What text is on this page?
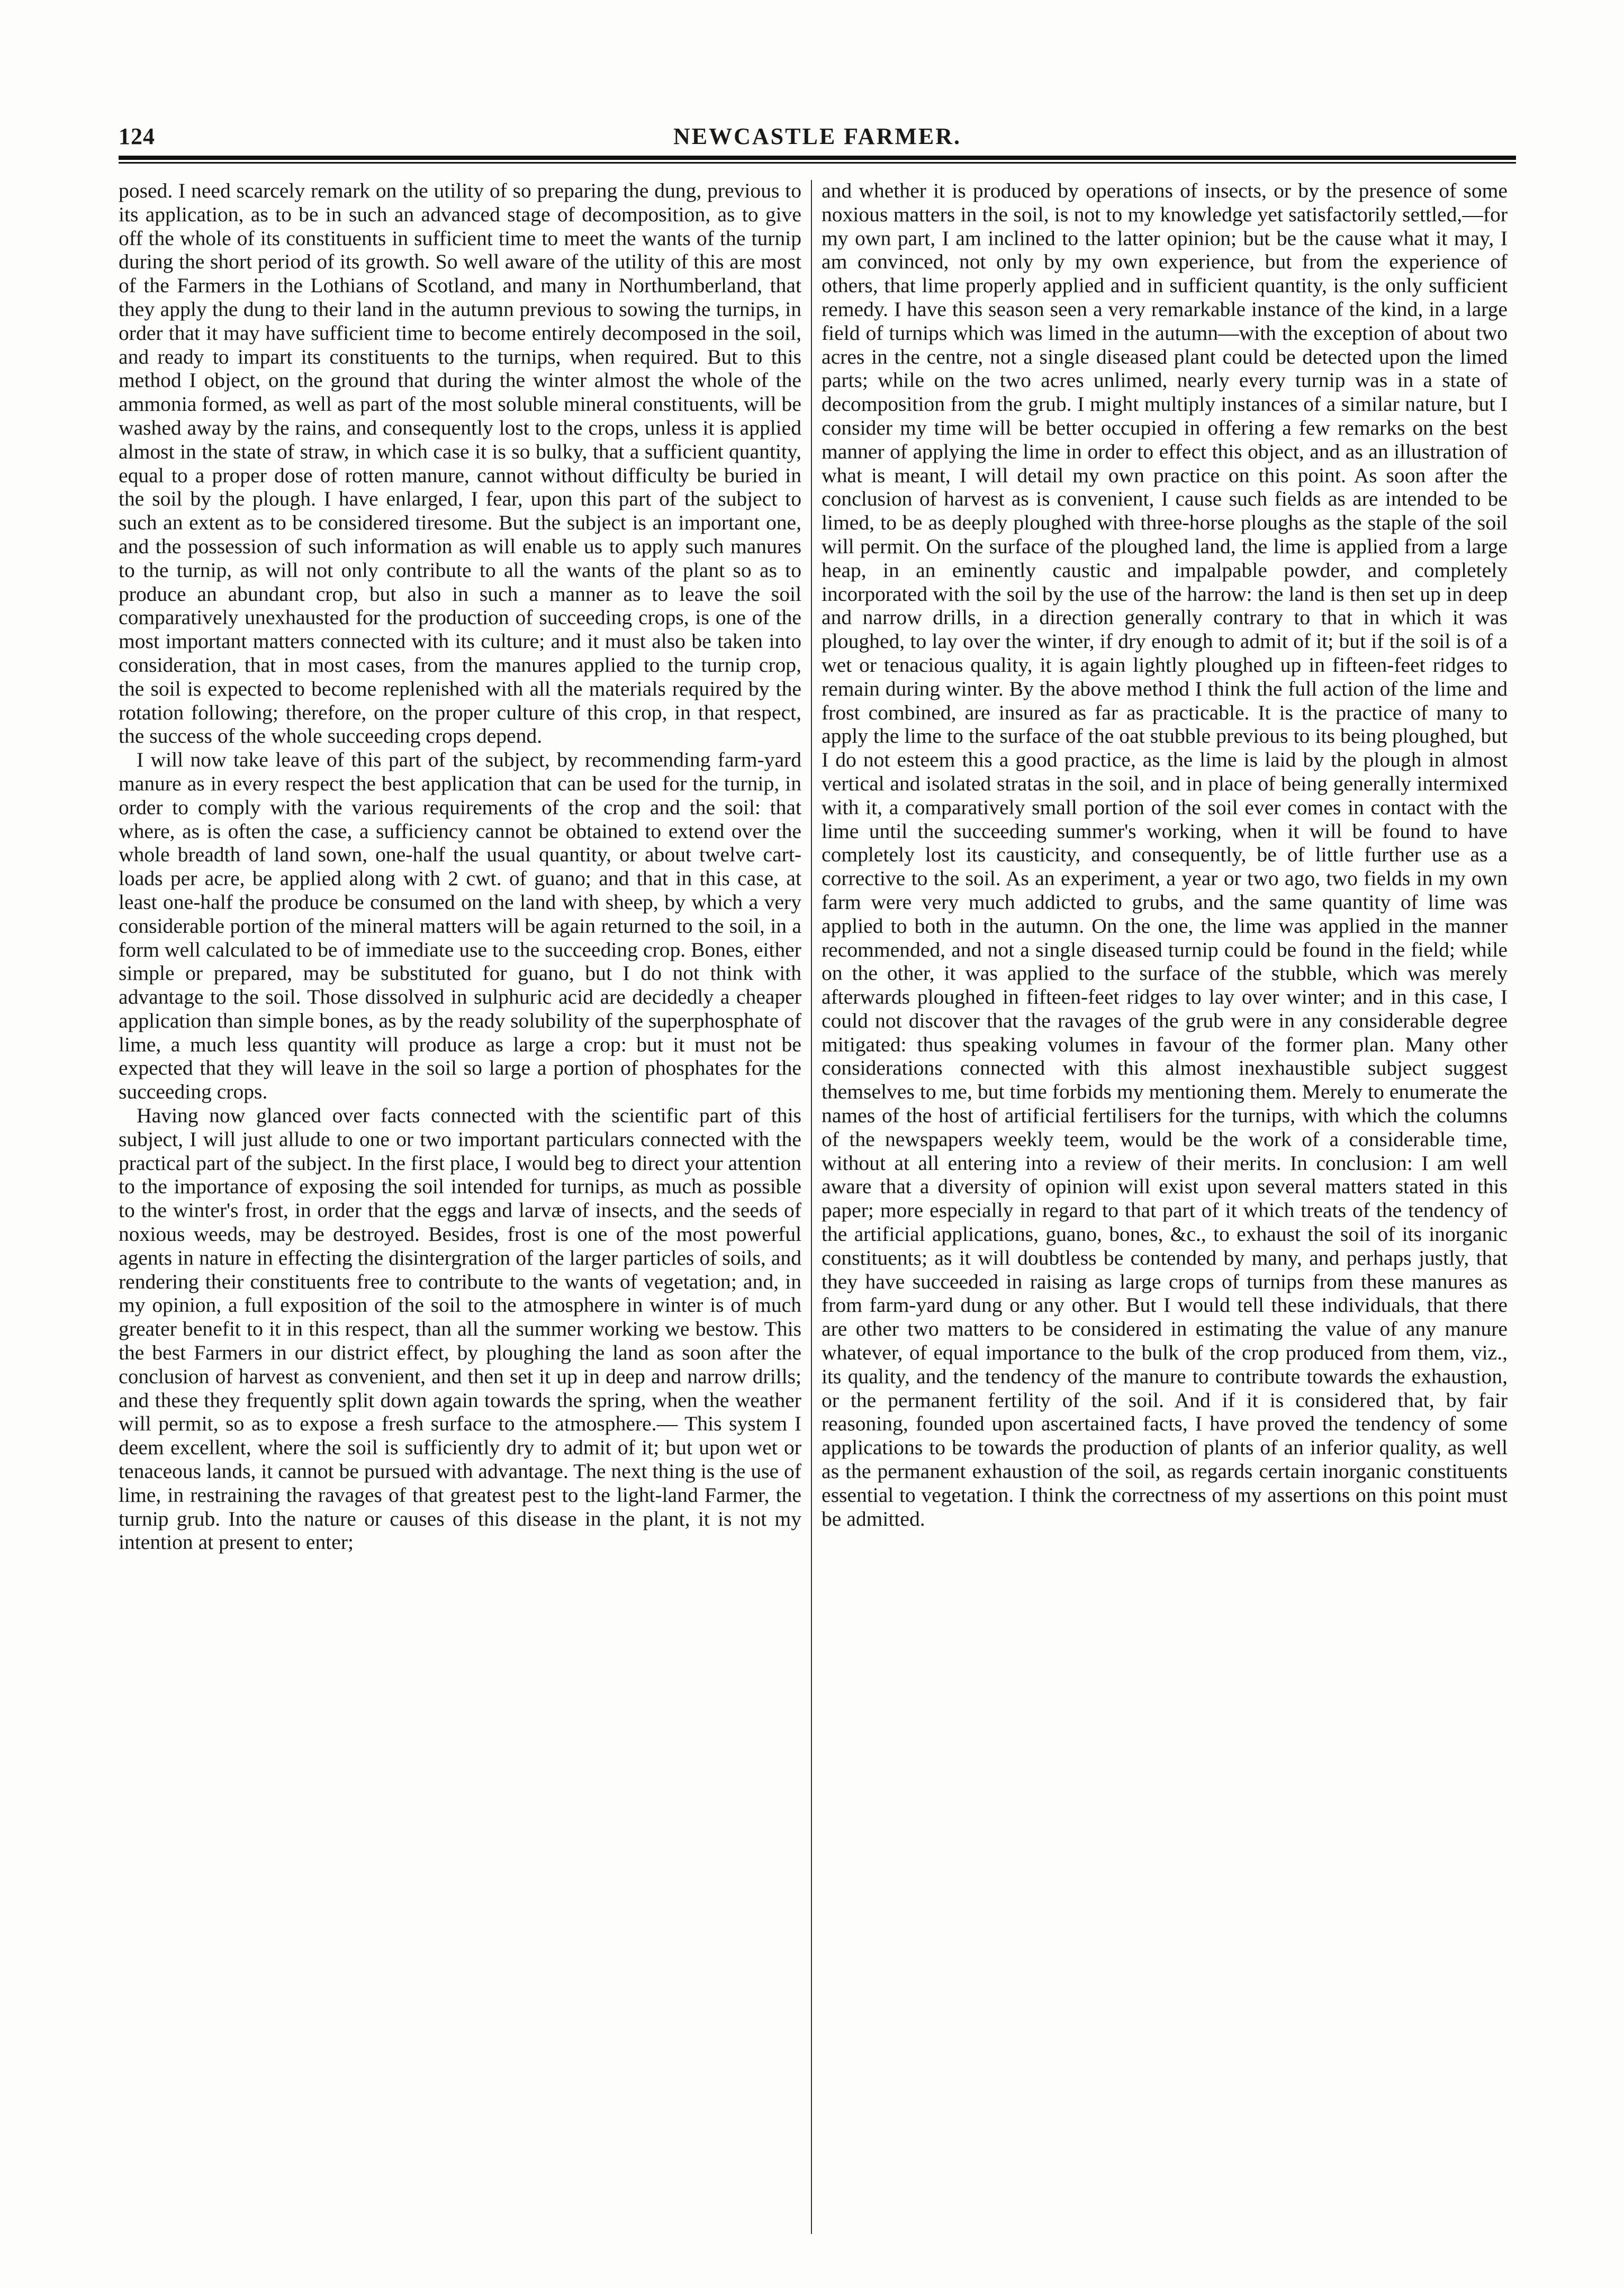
124	NEWCASTLE FARMER.

posed. I need scarcely remark on the utility of so preparing the dung, previous to its application, as to be in such an advanced stage of decomposition, as to give off the whole of its constituents in sufficient time to meet the wants of the turnip during the short period of its growth. So well aware of the utility of this are most of the Farmers in the Lothians of Scotland, and many in Northumberland, that they apply the dung to their land in the autumn previous to sowing the turnips, in order that it may have sufficient time to become entirely decomposed in the soil, and ready to impart its constituents to the turnips, when required. But to this method I object, on the ground that during the winter almost the whole of the ammonia formed, as well as part of the most soluble mineral constituents, will be washed away by the rains, and consequently lost to the crops, unless it is applied almost in the state of straw, in which case it is so bulky, that a sufficient quantity, equal to a proper dose of rotten manure, cannot without difficulty be buried in the soil by the plough. I have enlarged, I fear, upon this part of the subject to such an extent as to be considered tiresome. But the subject is an important one, and the possession of such information as will enable us to apply such manures to the turnip, as will not only contribute to all the wants of the plant so as to produce an abundant crop, but also in such a manner as to leave the soil comparatively unexhausted for the production of succeeding crops, is one of the most important matters connected with its culture; and it must also be taken into consideration, that in most cases, from the manures applied to the turnip crop, the soil is expected to become replenished with all the materials required by the rotation following; therefore, on the proper culture of this crop, in that respect, the success of the whole succeeding crops depend.

I will now take leave of this part of the subject, by recommending farm-yard manure as in every respect the best application that can be used for the turnip, in order to comply with the various requirements of the crop and the soil: that where, as is often the case, a sufficiency cannot be obtained to extend over the whole breadth of land sown, one-half the usual quantity, or about twelve cart-loads per acre, be applied along with 2 cwt. of guano; and that in this case, at least one-half the produce be consumed on the land with sheep, by which a very considerable portion of the mineral matters will be again returned to the soil, in a form well calculated to be of immediate use to the succeeding crop. Bones, either simple or prepared, may be substituted for guano, but I do not think with advantage to the soil. Those dissolved in sulphuric acid are decidedly a cheaper application than simple bones, as by the ready solubility of the superphosphate of lime, a much less quantity will produce as large a crop: but it must not be expected that they will leave in the soil so large a portion of phosphates for the succeeding crops.

Having now glanced over facts connected with the scientific part of this subject, I will just allude to one or two important particulars connected with the practical part of the subject. In the first place, I would beg to direct your attention to the importance of exposing the soil intended for turnips, as much as possible to the winter's frost, in order that the eggs and larvæ of insects, and the seeds of noxious weeds, may be destroyed. Besides, frost is one of the most powerful agents in nature in effecting the disintergration of the larger particles of soils, and rendering their constituents free to contribute to the wants of vegetation; and, in my opinion, a full exposition of the soil to the atmosphere in winter is of much greater benefit to it in this respect, than all the summer working we bestow. This the best Farmers in our district effect, by ploughing the land as soon after the conclusion of harvest as convenient, and then set it up in deep and narrow drills; and these they frequently split down again towards the spring, when the weather will permit, so as to expose a fresh surface to the atmosphere.— This system I deem excellent, where the soil is sufficiently dry to admit of it; but upon wet or tenaceous lands, it cannot be pursued with advantage. The next thing is the use of lime, in restraining the ravages of that greatest pest to the light-land Farmer, the turnip grub. Into the nature or causes of this disease in the plant, it is not my intention at present to enter;

and whether it is produced by operations of insects, or by the presence of some noxious matters in the soil, is not to my knowledge yet satisfactorily settled,—for my own part, I am inclined to the latter opinion; but be the cause what it may, I am convinced, not only by my own experience, but from the experience of others, that lime properly applied and in sufficient quantity, is the only sufficient remedy. I have this season seen a very remarkable instance of the kind, in a large field of turnips which was limed in the autumn—with the exception of about two acres in the centre, not a single diseased plant could be detected upon the limed parts; while on the two acres unlimed, nearly every turnip was in a state of decomposition from the grub. I might multiply instances of a similar nature, but I consider my time will be better occupied in offering a few remarks on the best manner of applying the lime in order to effect this object, and as an illustration of what is meant, I will detail my own practice on this point. As soon after the conclusion of harvest as is convenient, I cause such fields as are intended to be limed, to be as deeply ploughed with three-horse ploughs as the staple of the soil will permit. On the surface of the ploughed land, the lime is applied from a large heap, in an eminently caustic and impalpable powder, and completely incorporated with the soil by the use of the harrow: the land is then set up in deep and narrow drills, in a direction generally contrary to that in which it was ploughed, to lay over the winter, if dry enough to admit of it; but if the soil is of a wet or tenacious quality, it is again lightly ploughed up in fifteen-feet ridges to remain during winter. By the above method I think the full action of the lime and frost combined, are insured as far as practicable. It is the practice of many to apply the lime to the surface of the oat stubble previous to its being ploughed, but I do not esteem this a good practice, as the lime is laid by the plough in almost vertical and isolated stratas in the soil, and in place of being generally intermixed with it, a comparatively small portion of the soil ever comes in contact with the lime until the succeeding summer's working, when it will be found to have completely lost its causticity, and consequently, be of little further use as a corrective to the soil. As an experiment, a year or two ago, two fields in my own farm were very much addicted to grubs, and the same quantity of lime was applied to both in the autumn. On the one, the lime was applied in the manner recommended, and not a single diseased turnip could be found in the field; while on the other, it was applied to the surface of the stubble, which was merely afterwards ploughed in fifteen-feet ridges to lay over winter; and in this case, I could not discover that the ravages of the grub were in any considerable degree mitigated: thus speaking volumes in favour of the former plan. Many other considerations connected with this almost inexhaustible subject suggest themselves to me, but time forbids my mentioning them. Merely to enumerate the names of the host of artificial fertilisers for the turnips, with which the columns of the newspapers weekly teem, would be the work of a considerable time, without at all entering into a review of their merits. In conclusion: I am well aware that a diversity of opinion will exist upon several matters stated in this paper; more especially in regard to that part of it which treats of the tendency of the artificial applications, guano, bones, &c., to exhaust the soil of its inorganic constituents; as it will doubtless be contended by many, and perhaps justly, that they have succeeded in raising as large crops of turnips from these manures as from farm-yard dung or any other. But I would tell these individuals, that there are other two matters to be considered in estimating the value of any manure whatever, of equal importance to the bulk of the crop produced from them, viz., its quality, and the tendency of the manure to contribute towards the exhaustion, or the permanent fertility of the soil. And if it is considered that, by fair reasoning, founded upon ascertained facts, I have proved the tendency of some applications to be towards the production of plants of an inferior quality, as well as the permanent exhaustion of the soil, as regards certain inorganic constituents essential to vegetation. I think the correctness of my assertions on this point must be admitted.
